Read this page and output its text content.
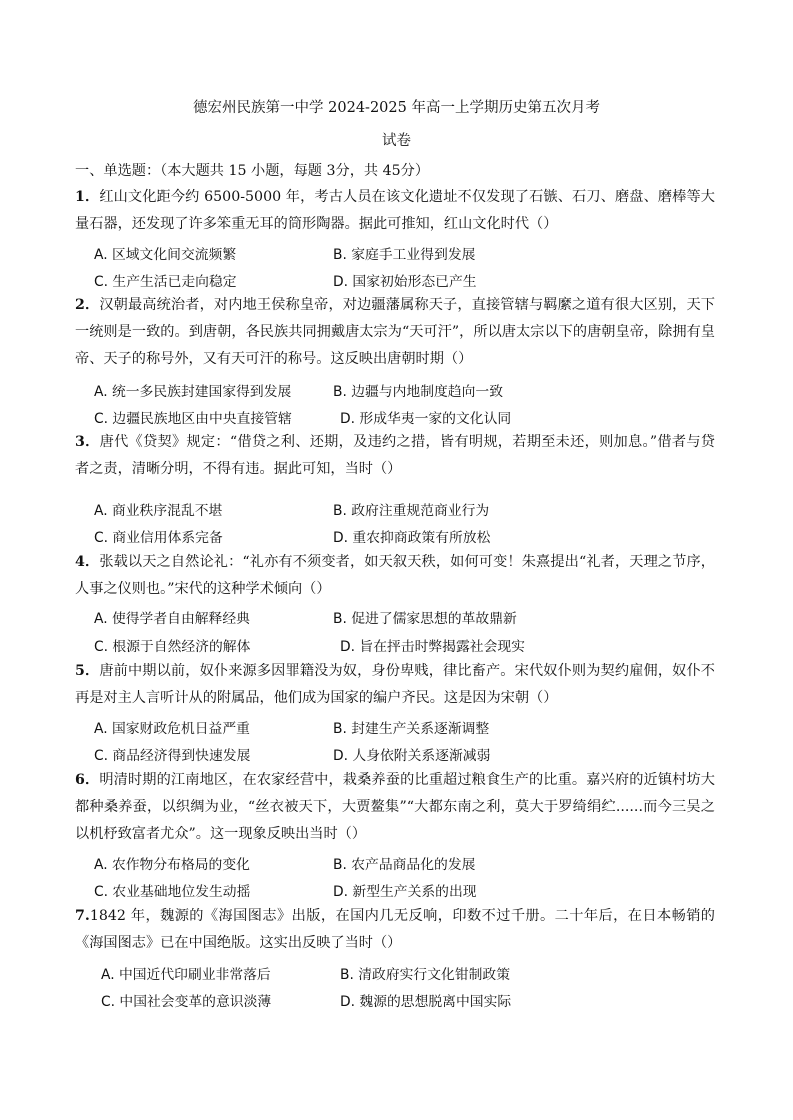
德宏州民族第一中学 2024-2025 年高一上学期历史第五次月考
试卷
一、单选题：（本大题共 15 小题，每题 3分，共 45分）
1．红山文化距今约 6500-5000 年，考古人员在该文化遗址不仅发现了石镞、石刀、磨盘、磨棒等大量石器，还发现了许多笨重无耳的筒形陶器。据此可推知，红山文化时代（）
A. 区域文化间交流频繁	B. 家庭手工业得到发展
C. 生产生活已走向稳定	D. 国家初始形态已产生
2．汉朝最高统治者，对内地王侯称皇帝，对边疆藩属称天子，直接管辖与羁縻之道有很大区别，天下一统则是一致的。到唐朝，各民族共同拥戴唐太宗为“天可汗”，所以唐太宗以下的唐朝皇帝，除拥有皇帝、天子的称号外，又有天可汗的称号。这反映出唐朝时期（）
A. 统一多民族封建国家得到发展	B. 边疆与内地制度趋向一致
C. 边疆民族地区由中央直接管辖	D. 形成华夷一家的文化认同
3．唐代《贷契》规定：“借贷之利、还期，及违约之措，皆有明规，若期至未还，则加息。”借者与贷者之责，清晰分明，不得有违。据此可知，当时（）
A. 商业秩序混乱不堪	B. 政府注重规范商业行为
C. 商业信用体系完备	D. 重农抑商政策有所放松
4．张载以天之自然论礼：“礼亦有不须变者，如天叙天秩，如何可变！朱熹提出“礼者，天理之节序，人事之仪则也。”宋代的这种学术倾向（）
A. 使得学者自由解释经典	B. 促进了儒家思想的革故鼎新
C. 根源于自然经济的解体	D. 旨在抨击时弊揭露社会现实
5．唐前中期以前，奴仆来源多因罪籍没为奴，身份卑贱，律比畜产。宋代奴仆则为契约雇佣，奴仆不再是对主人言听计从的附属品，他们成为国家的编户齐民。这是因为宋朝（）
A. 国家财政危机日益严重	B. 封建生产关系逐渐调整
C. 商品经济得到快速发展	D. 人身依附关系逐渐减弱
6．明清时期的江南地区，在农家经营中，栽桑养蚕的比重超过粮食生产的比重。嘉兴府的近镇村坊大都种桑养蚕，以织绸为业，“丝衣被天下，大贾鳌集”“大都东南之利，莫大于罗绮绢纻......而今三吴之以机杼致富者尤众”。这一现象反映出当时（）
A. 农作物分布格局的变化	B. 农产品商品化的发展
C. 农业基础地位发生动摇	D. 新型生产关系的出现
7.1842 年，魏源的《海国图志》出版，在国内几无反响，印数不过千册。二十年后，在日本畅销的《海国图志》已在中国绝版。这实出反映了当时（）
A. 中国近代印刷业非常落后	B. 清政府实行文化钳制政策
C. 中国社会变革的意识淡薄	D. 魏源的思想脱离中国实际
